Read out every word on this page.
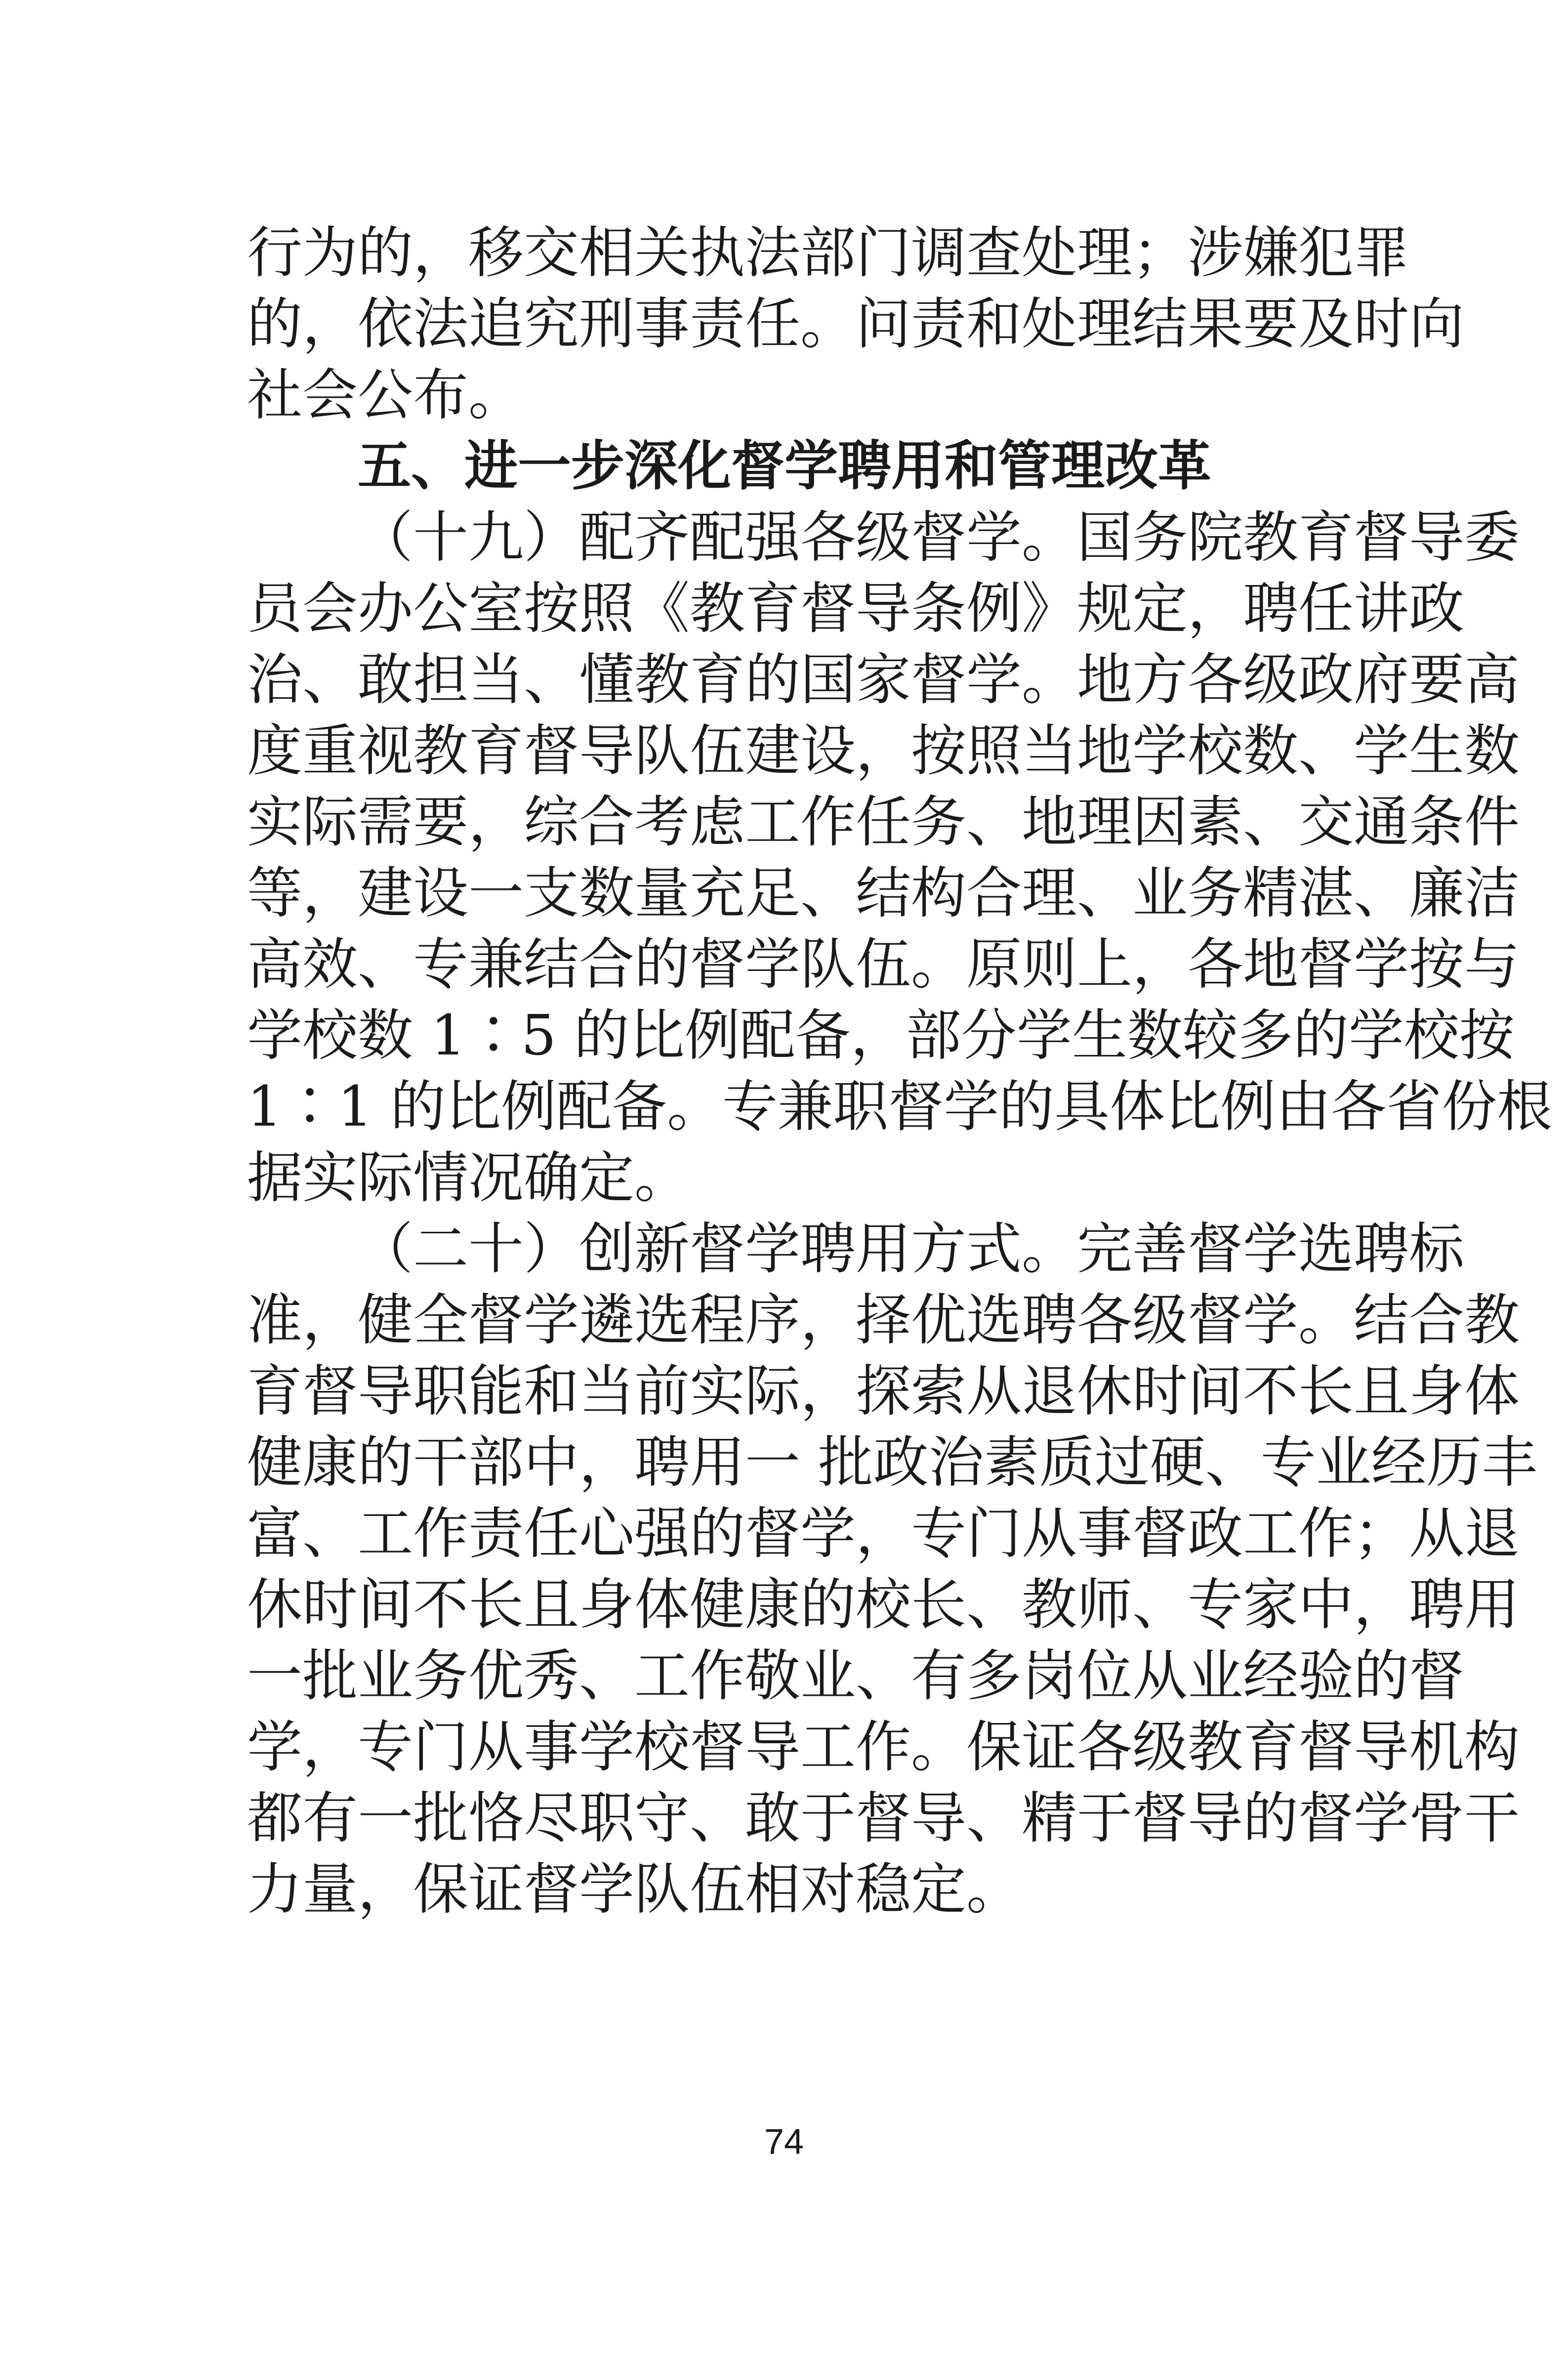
行为的，移交相关执法部门调查处理；涉嫌犯罪
的，依法追究刑事责任。问责和处理结果要及时向
社会公布。
五、进一步深化督学聘用和管理改革
（十九）配齐配强各级督学。国务院教育督导委
员会办公室按照《教育督导条例》规定，聘任讲政
治、敢担当、懂教育的国家督学。地方各级政府要高
度重视教育督导队伍建设，按照当地学校数、学生数
实际需要，综合考虑工作任务、地理因素、交通条件
等，建设一支数量充足、结构合理、业务精湛、廉洁
高效、专兼结合的督学队伍。原则上，各地督学按与
学校数 1∶5 的比例配备，部分学生数较多的学校按
1∶1 的比例配备。专兼职督学的具体比例由各省份根
据实际情况确定。
（二十）创新督学聘用方式。完善督学选聘标
准，健全督学遴选程序，择优选聘各级督学。结合教
育督导职能和当前实际，探索从退休时间不长且身体
健康的干部中，聘用一 批政治素质过硬、专业经历丰
富、工作责任心强的督学，专门从事督政工作；从退
休时间不长且身体健康的校长、教师、专家中，聘用
一批业务优秀、工作敬业、有多岗位从业经验的督
学，专门从事学校督导工作。保证各级教育督导机构
都有一批恪尽职守、敢于督导、精于督导的督学骨干
力量，保证督学队伍相对稳定。
74
